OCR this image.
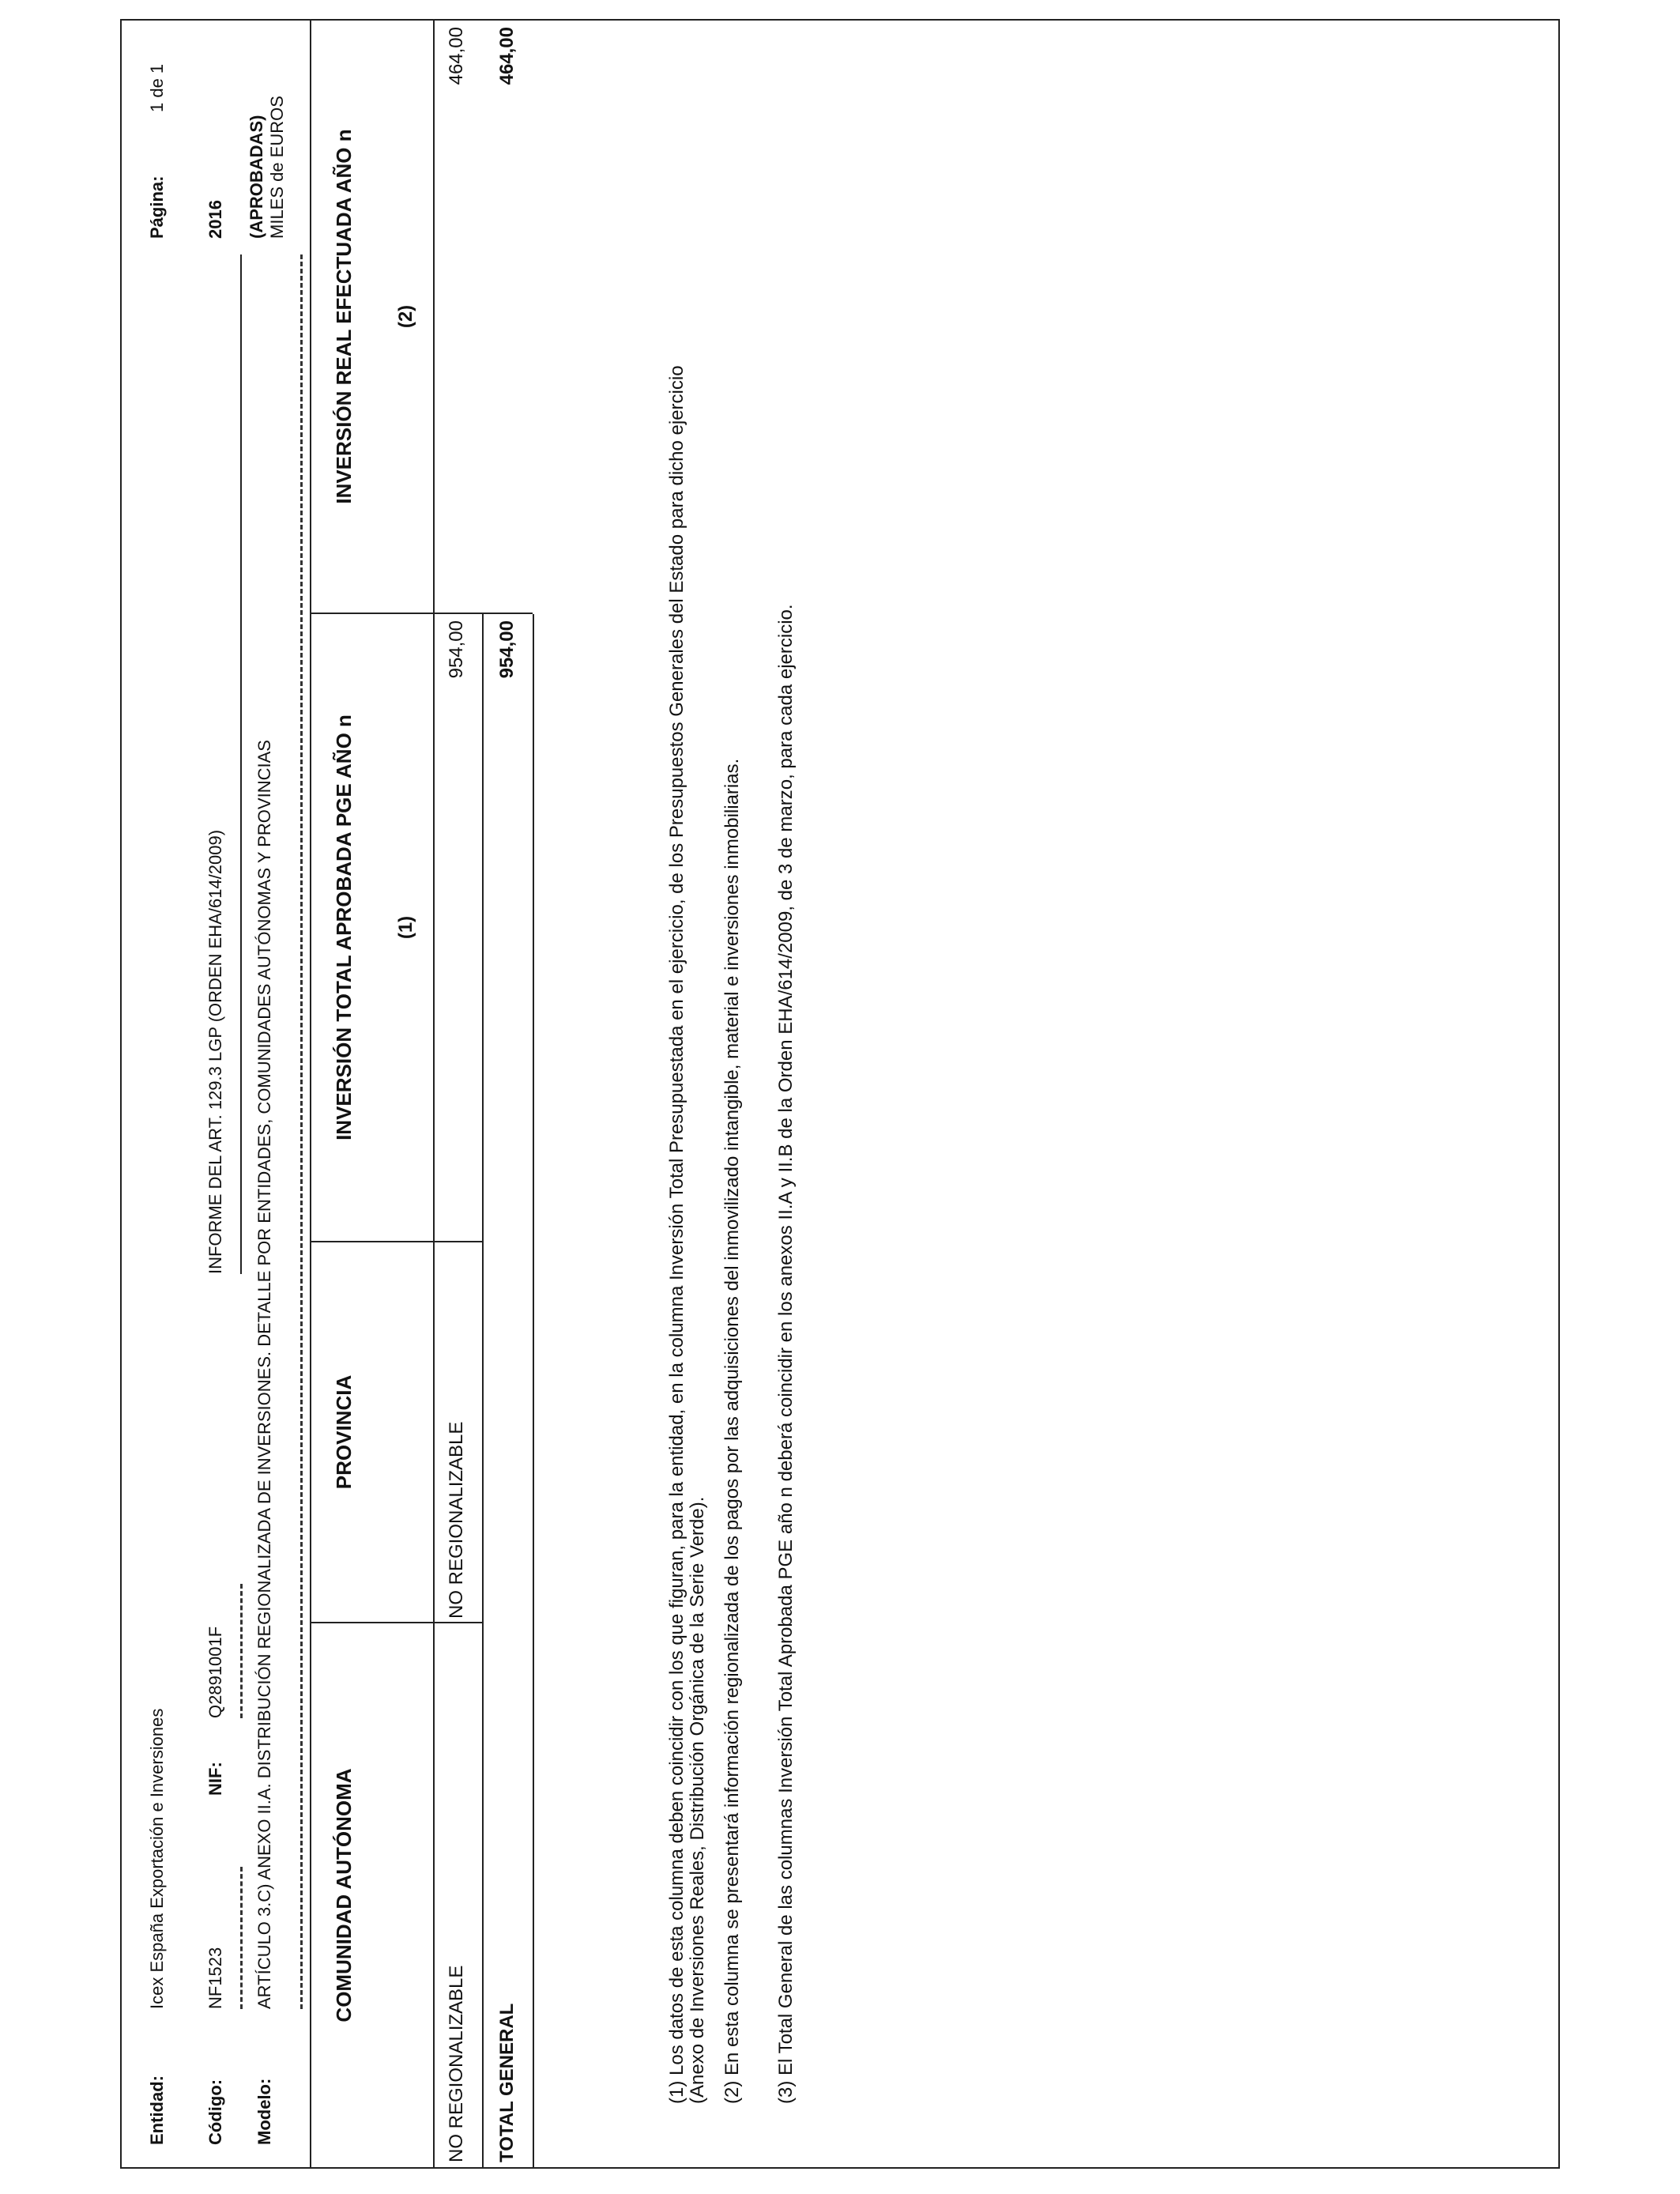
Entidad:
Icex España Exportación e Inversiones
Página:
1 de 1
Código:
NF1523
NIF:
Q2891001F
INFORME DEL ART. 129.3 LGP (ORDEN EHA/614/2009)
2016
Modelo:
ARTÍCULO 3.C) ANEXO II.A. DISTRIBUCIÓN REGIONALIZADA DE INVERSIONES. DETALLE POR ENTIDADES, COMUNIDADES AUTÓNOMAS Y PROVINCIAS
(APROBADAS) MILES de EUROS
COMUNIDAD AUTÓNOMA
PROVINCIA
INVERSIÓN TOTAL APROBADA PGE AÑO n (1)
INVERSIÓN REAL EFECTUADA AÑO n (2)
NO REGIONALIZABLE
NO REGIONALIZABLE
954,00
464,00
TOTAL GENERAL
954,00
464,00
(1) Los datos de esta columna deben coincidir con los que figuran, para la entidad, en la columna Inversión Total Presupuestada en el ejercicio, de los Presupuestos Generales del Estado para dicho ejercicio (Anexo de Inversiones Reales, Distribución Orgánica de la Serie Verde). (2) En esta columna se presentará información regionalizada de los pagos por las adquisiciones del inmovilizado intangible, material e inversiones inmobiliarias. (3) El Total General de las columnas Inversión Total Aprobada PGE año n deberá coincidir en los anexos II.A y II.B de la Orden EHA/614/2009, de 3 de marzo, para cada ejercicio.
